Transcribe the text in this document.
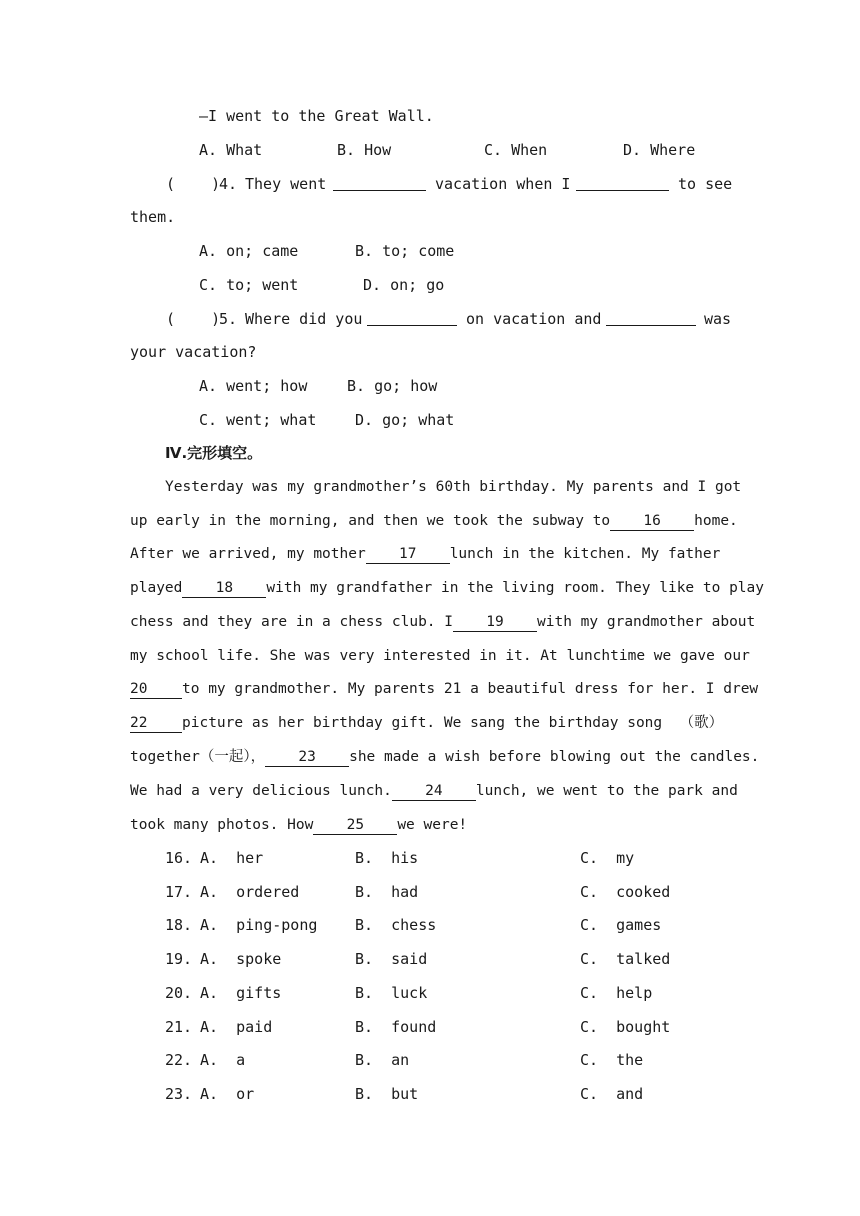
—I went to the Great Wall.
A. What	B. How	C. When	D. Where
(    )
4. They went	vacation when I	to see
them.
A. on; came	B. to; come
C. to; went	D. on; go
(    )
5. Where did you	on vacation and	was
your vacation?
A. went; how	B. go; how
C. went; what	D. go; what
Ⅳ.完形填空。
Yesterday was my grandmother’s 60th birthday. My parents and I got
up early in the morning, and then we took the subway to 16 home.
After we arrived, my mother 17 lunch in the kitchen. My father
played 18 with my grandfather in the living room. They like to play
chess and they are in a chess club. I 19 with my grandmother about
my school life. She was very interested in it. At lunchtime we gave our
20 to my grandmother. My parents 21 a beautiful dress for her. I drew
22 picture as her birthday gift. We sang the birthday song  （歌）
together（一起）， 23 she made a wish before blowing out the candles.
We had a very delicious lunch. 24 lunch, we went to the park and
took many photos. How 25 we were!
16. A.  her	B.  his	C.  my
17. A.  ordered	B.  had	C.  cooked
18. A.  ping-pong	B.  chess	C.  games
19. A.  spoke	B.  said	C.  talked
20. A.  gifts	B.  luck	C.  help
21. A.  paid	B.  found	C.  bought
22. A.  a	B.  an	C.  the
23. A.  or	B.  but	C.  and
